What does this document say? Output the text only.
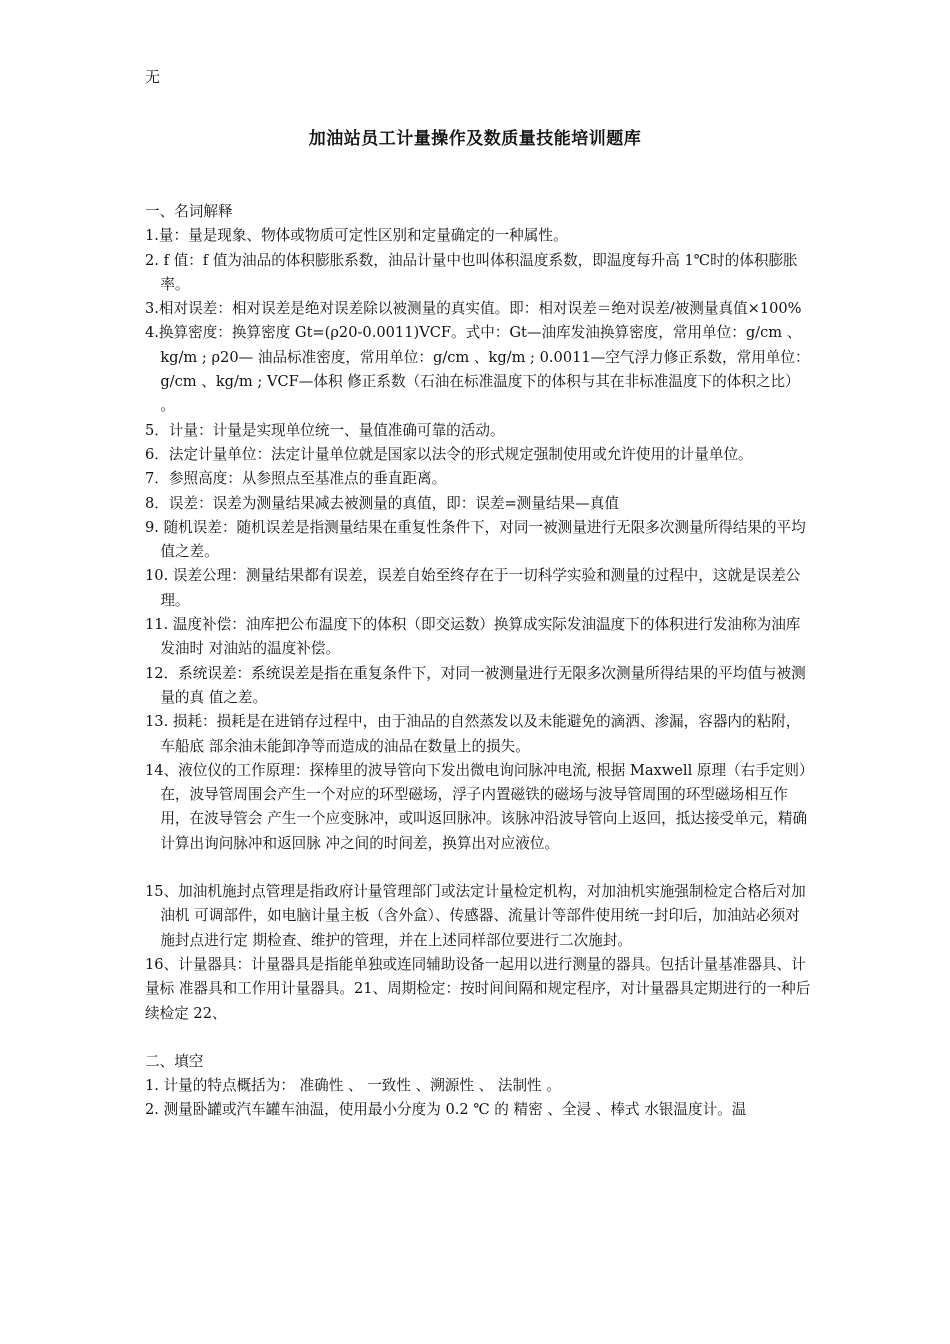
无
加油站员工计量操作及数质量技能培训题库

一、名词解释

1.量：量是现象、物体或物质可定性区别和定量确定的一种属性。

2. f 值：f 值为油品的体积膨胀系数，油品计量中也叫体积温度系数，即温度每升高 1℃时的体积膨胀率。

3.相对误差：相对误差是绝对误差除以被测量的真实值。即：相对误差＝绝对误差/被测量真值×100%

4.换算密度：换算密度 Gt=(ρ20-0.0011)VCF。式中：Gt—油库发油换算密度，常用单位：g/cm 、kg/m ; ρ20— 油品标准密度，常用单位：g/cm 、kg/m ; 0.0011—空气浮力修正系数，常用单位：g/cm 、kg/m ; VCF—体积 修正系数（石油在标准温度下的体积与其在非标准温度下的体积之比） 。

5．计量：计量是实现单位统一、量值准确可靠的活动。

6．法定计量单位：法定计量单位就是国家以法令的形式规定强制使用或允许使用的计量单位。

7．参照高度：从参照点至基准点的垂直距离。

8．误差：误差为测量结果减去被测量的真值，即：误差=测量结果—真值

9. 随机误差：随机误差是指测量结果在重复性条件下，对同一被测量进行无限多次测量所得结果的平均值之差。

10. 误差公理：测量结果都有误差，误差自始至终存在于一切科学实验和测量的过程中，这就是误差公理。

11. 温度补偿：油库把公布温度下的体积（即交运数）换算成实际发油温度下的体积进行发油称为油库发油时 对油站的温度补偿。

12．系统误差：系统误差是指在重复条件下，对同一被测量进行无限多次测量所得结果的平均值与被测量的真 值之差。

13. 损耗：损耗是在进销存过程中，由于油品的自然蒸发以及未能避免的滴洒、渗漏，容器内的粘附，车船底 部余油未能卸净等而造成的油品在数量上的损失。

14、液位仪的工作原理：探棒里的波导管向下发出微电询问脉冲电流, 根据 Maxwell 原理（右手定则）在，波导管周围会产生一个对应的环型磁场，浮子内置磁铁的磁场与波导管周围的环型磁场相互作用，在波导管会 产生一个应变脉冲，或叫返回脉冲。该脉冲沿波导管向上返回，抵达接受单元，精确计算出询问脉冲和返回脉 冲之间的时间差，换算出对应液位。

15、加油机施封点管理是指政府计量管理部门或法定计量检定机构，对加油机实施强制检定合格后对加油机 可调部件，如电脑计量主板（含外盒）、传感器、流量计等部件使用统一封印后，加油站必须对施封点进行定 期检查、维护的管理，并在上述同样部位要进行二次施封。

16、计量器具：计量器具是指能单独或连同辅助设备一起用以进行测量的器具。包括计量基准器具、计量标 准器具和工作用计量器具。21、周期检定：按时间间隔和规定程序，对计量器具定期进行的一种后续检定 22、

二、填空

1. 计量的特点概括为： 准确性 、 一致性 、溯源性 、 法制性 。

2. 测量卧罐或汽车罐车油温，使用最小分度为 0.2 ℃ 的 精密 、全浸 、棒式 水银温度计。温
